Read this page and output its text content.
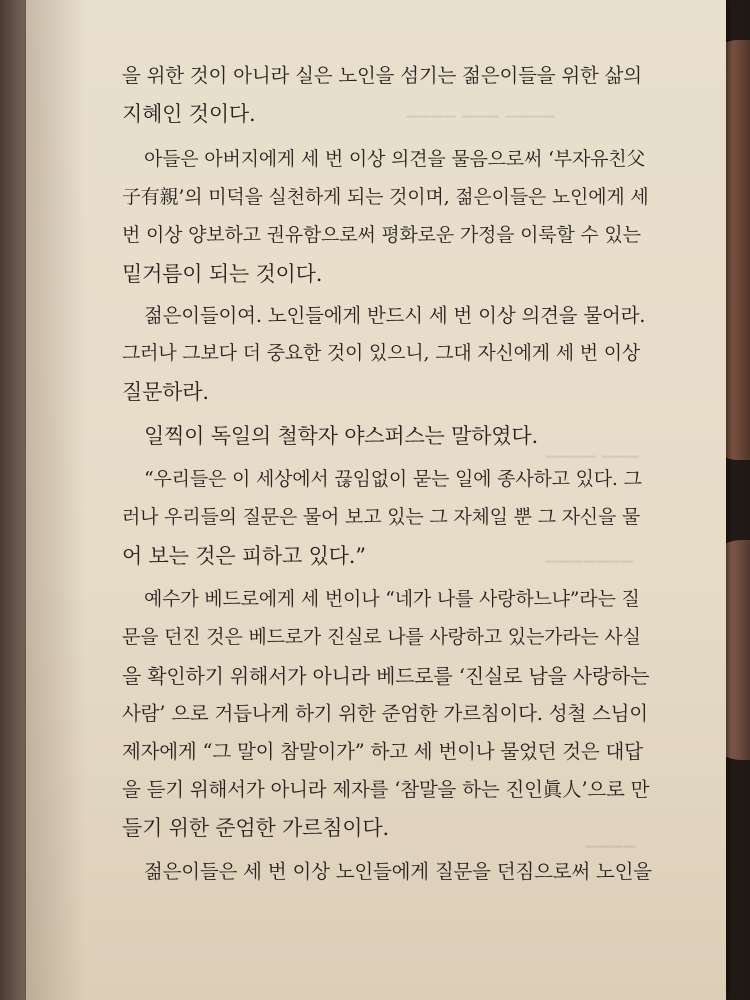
▁▁▁▁ ▁▁▁ ▁▁▁▁
▁▁▁▁ ▁▁▁
▁▁▁▁▁▁▁
▁▁▁▁
을 위한 것이 아니라 실은 노인을 섬기는 젊은이들을 위한 삶의
지혜인 것이다.
아들은 아버지에게 세 번 이상 의견을 물음으로써 ‘부자유친父
子有親’의 미덕을 실천하게 되는 것이며, 젊은이들은 노인에게 세
번 이상 양보하고 권유함으로써 평화로운 가정을 이룩할 수 있는
밑거름이 되는 것이다.
젊은이들이여. 노인들에게 반드시 세 번 이상 의견을 물어라.
그러나 그보다 더 중요한 것이 있으니, 그대 자신에게 세 번 이상
질문하라.
일찍이 독일의 철학자 야스퍼스는 말하였다.
“우리들은 이 세상에서 끊임없이 묻는 일에 종사하고 있다. 그
러나 우리들의 질문은 물어 보고 있는 그 자체일 뿐 그 자신을 물
어 보는 것은 피하고 있다.”
예수가 베드로에게 세 번이나 “네가 나를 사랑하느냐”라는 질
문을 던진 것은 베드로가 진실로 나를 사랑하고 있는가라는 사실
을 확인하기 위해서가 아니라 베드로를 ‘진실로 남을 사랑하는
사람’ 으로 거듭나게 하기 위한 준엄한 가르침이다. 성철 스님이
제자에게 “그 말이 참말이가” 하고 세 번이나 물었던 것은 대답
을 듣기 위해서가 아니라 제자를 ‘참말을 하는 진인眞人’으로 만
들기 위한 준엄한 가르침이다.
젊은이들은 세 번 이상 노인들에게 질문을 던짐으로써 노인을
